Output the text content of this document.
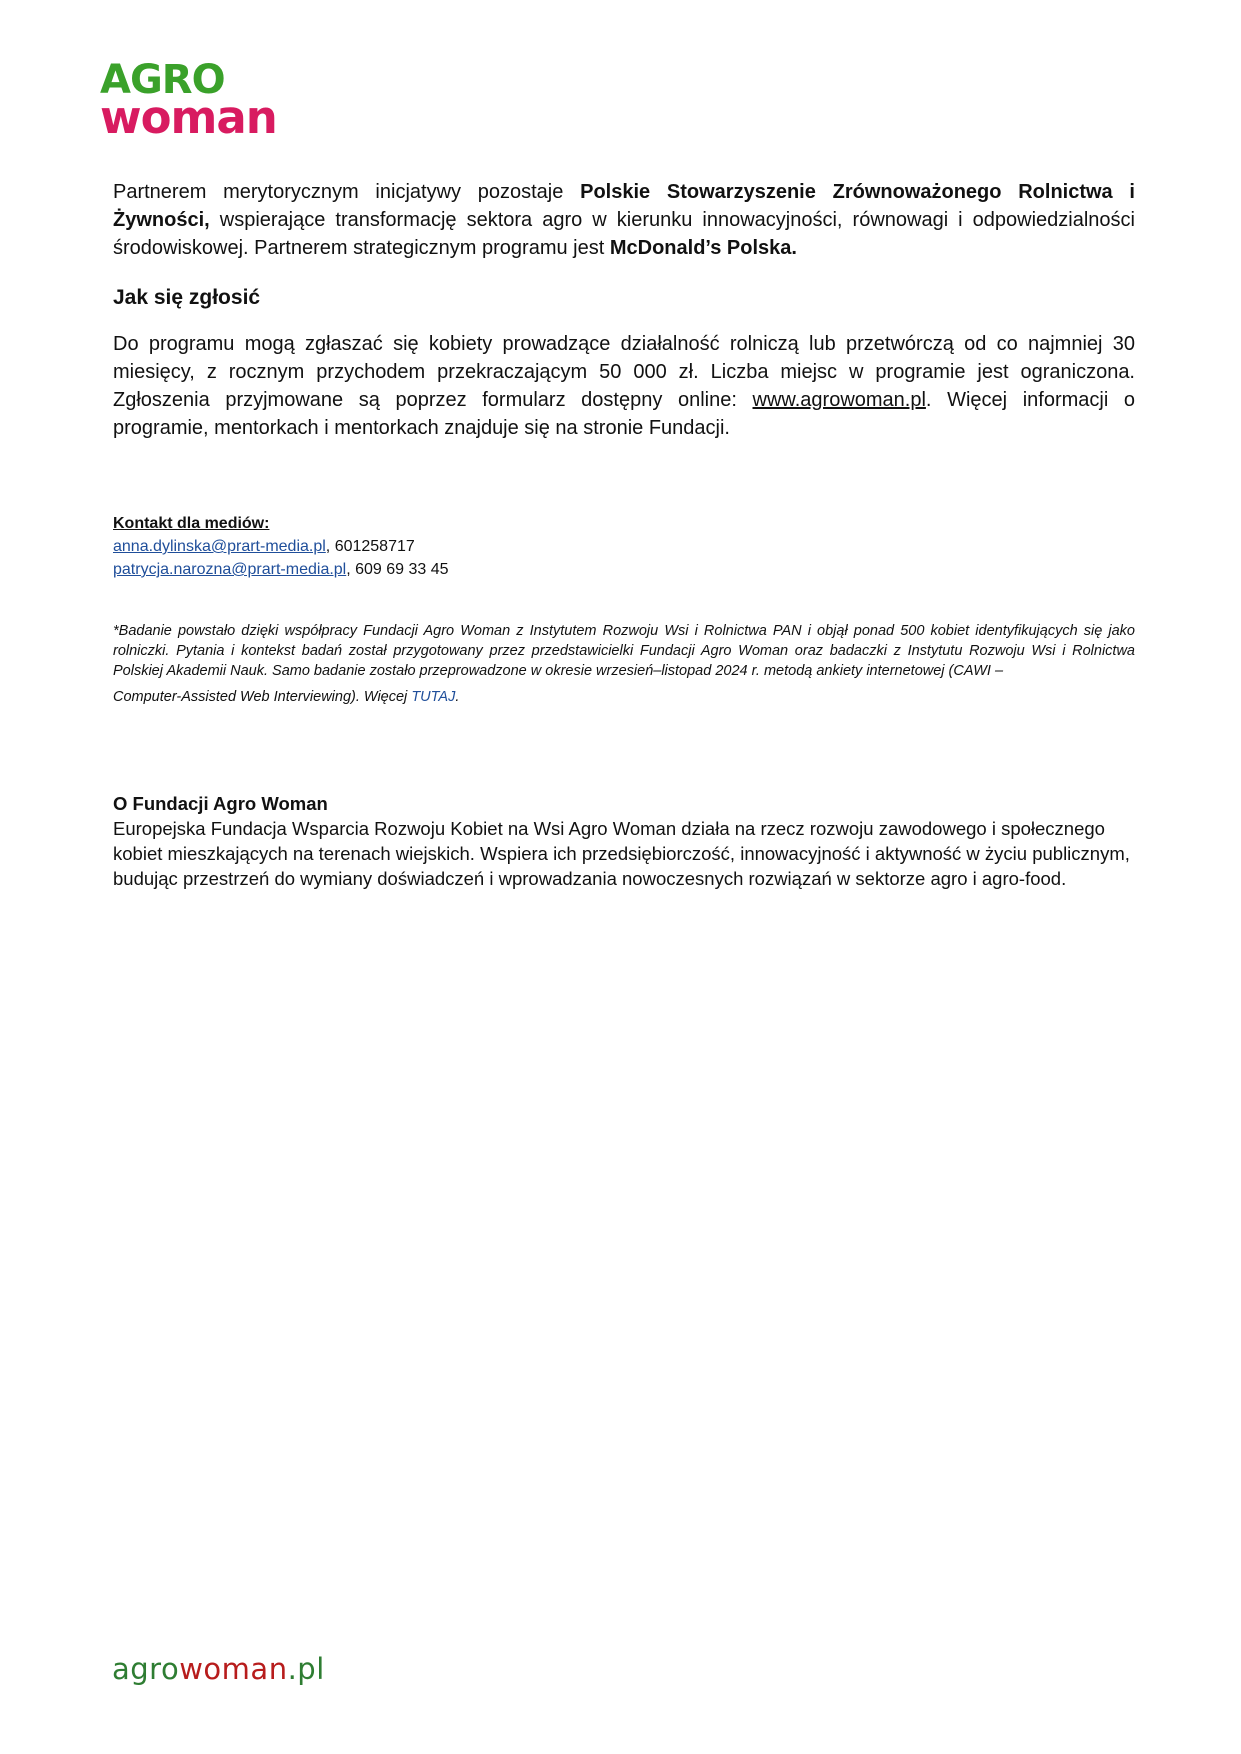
AGRO
woman

Partnerem merytorycznym inicjatywy pozostaje Polskie Stowarzyszenie Zrównoważonego Rolnictwa i Żywności, wspierające transformację sektora agro w kierunku innowacyjności, równowagi i odpowiedzialności środowiskowej. Partnerem strategicznym programu jest McDonald’s Polska.

Jak się zgłosić

Do programu mogą zgłaszać się kobiety prowadzące działalność rolniczą lub przetwórczą od co najmniej 30 miesięcy, z rocznym przychodem przekraczającym 50 000 zł. Liczba miejsc w programie jest ograniczona. Zgłoszenia przyjmowane są poprzez formularz dostępny online: www.agrowoman.pl. Więcej informacji o programie, mentorkach i mentorkach znajduje się na stronie Fundacji.

Kontakt dla mediów:
anna.dylinska@prart-media.pl, 601258717
patrycja.narozna@prart-media.pl, 609 69 33 45
*Badanie powstało dzięki współpracy Fundacji Agro Woman z Instytutem Rozwoju Wsi i Rolnictwa PAN i objął ponad 500 kobiet identyfikujących się jako rolniczki. Pytania i kontekst badań został przygotowany przez przedstawicielki Fundacji Agro Woman oraz badaczki z Instytutu Rozwoju Wsi i Rolnictwa Polskiej Akademii Nauk. Samo badanie zostało przeprowadzone w okresie wrzesień–listopad 2024 r. metodą ankiety internetowej (CAWI –
Computer-Assisted Web Interviewing). Więcej TUTAJ.
O Fundacji Agro Woman
Europejska Fundacja Wsparcia Rozwoju Kobiet na Wsi Agro Woman działa na rzecz rozwoju zawodowego i społecznego kobiet mieszkających na terenach wiejskich. Wspiera ich przedsiębiorczość, innowacyjność i aktywność w życiu publicznym, budując przestrzeń do wymiany doświadczeń i wprowadzania nowoczesnych rozwiązań w sektorze agro i agro-food.
agrowoman.pl
